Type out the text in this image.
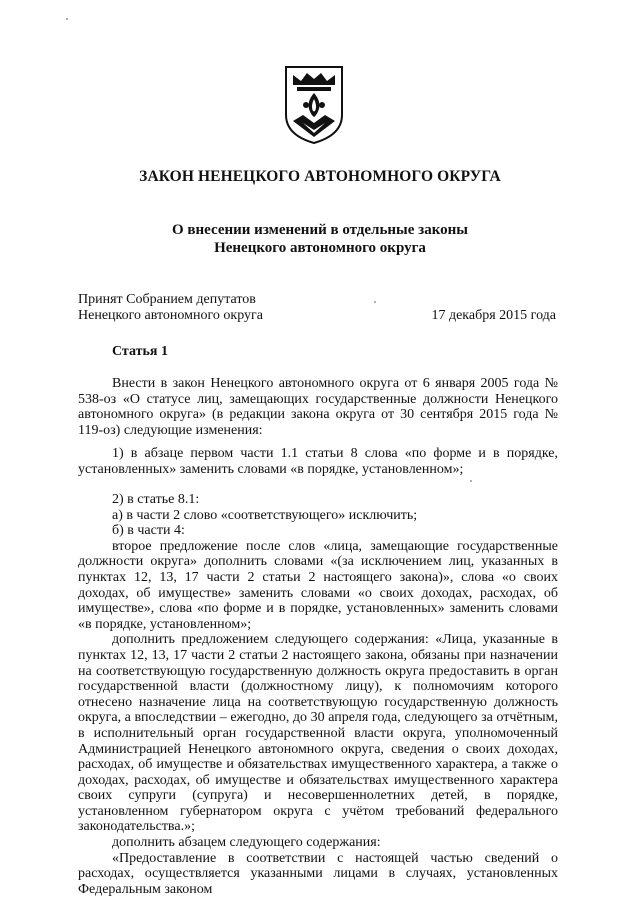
ЗАКОН НЕНЕЦКОГО АВТОНОМНОГО ОКРУГА
О внесении изменений в отдельные законы
Ненецкого автономного округа
Принят Собранием депутатов
Ненецкого автономного округа	17 декабря 2015 года
Статья 1

Внести в закон Ненецкого автономного округа от 6 января 2005 года № 538-оз «О статусе лиц, замещающих государственные должности Ненецкого автономного округа» (в редакции закона округа от 30 сентября 2015 года № 119-оз) следующие изменения:

1) в абзаце первом части 1.1 статьи 8 слова «по форме и в порядке, установленных» заменить словами «в порядке, установленном»;

2) в статье 8.1:

а) в части 2 слово «соответствующего» исключить;

б) в части 4:

второе предложение после слов «лица, замещающие государственные должности округа» дополнить словами «(за исключением лиц, указанных в пунктах 12, 13, 17 части 2 статьи 2 настоящего закона)», слова «о своих доходах, об имуществе» заменить словами «о своих доходах, расходах, об имуществе», слова «по форме и в порядке, установленных» заменить словами «в порядке, установленном»;

дополнить предложением следующего содержания: «Лица, указанные в пунктах 12, 13, 17 части 2 статьи 2 настоящего закона, обязаны при назначении на соответствующую государственную должность округа предоставить в орган государственной власти (должностному лицу), к полномочиям которого отнесено назначение лица на соответствующую государственную должность округа, а впоследствии – ежегодно, до 30 апреля года, следующего за отчётным, в исполнительный орган государственной власти округа, уполномоченный Администрацией Ненецкого автономного округа, сведения о своих доходах, расходах, об имуществе и обязательствах имущественного характера, а также о доходах, расходах, об имуществе и обязательствах имущественного характера своих супруги (супруга) и несовершеннолетних детей, в порядке, установленном губернатором округа с учётом требований федерального законодательства.»;

дополнить абзацем следующего содержания:

«Предоставление в соответствии с настоящей частью сведений о расходах, осуществляется указанными лицами в случаях, установленных Федеральным законом
